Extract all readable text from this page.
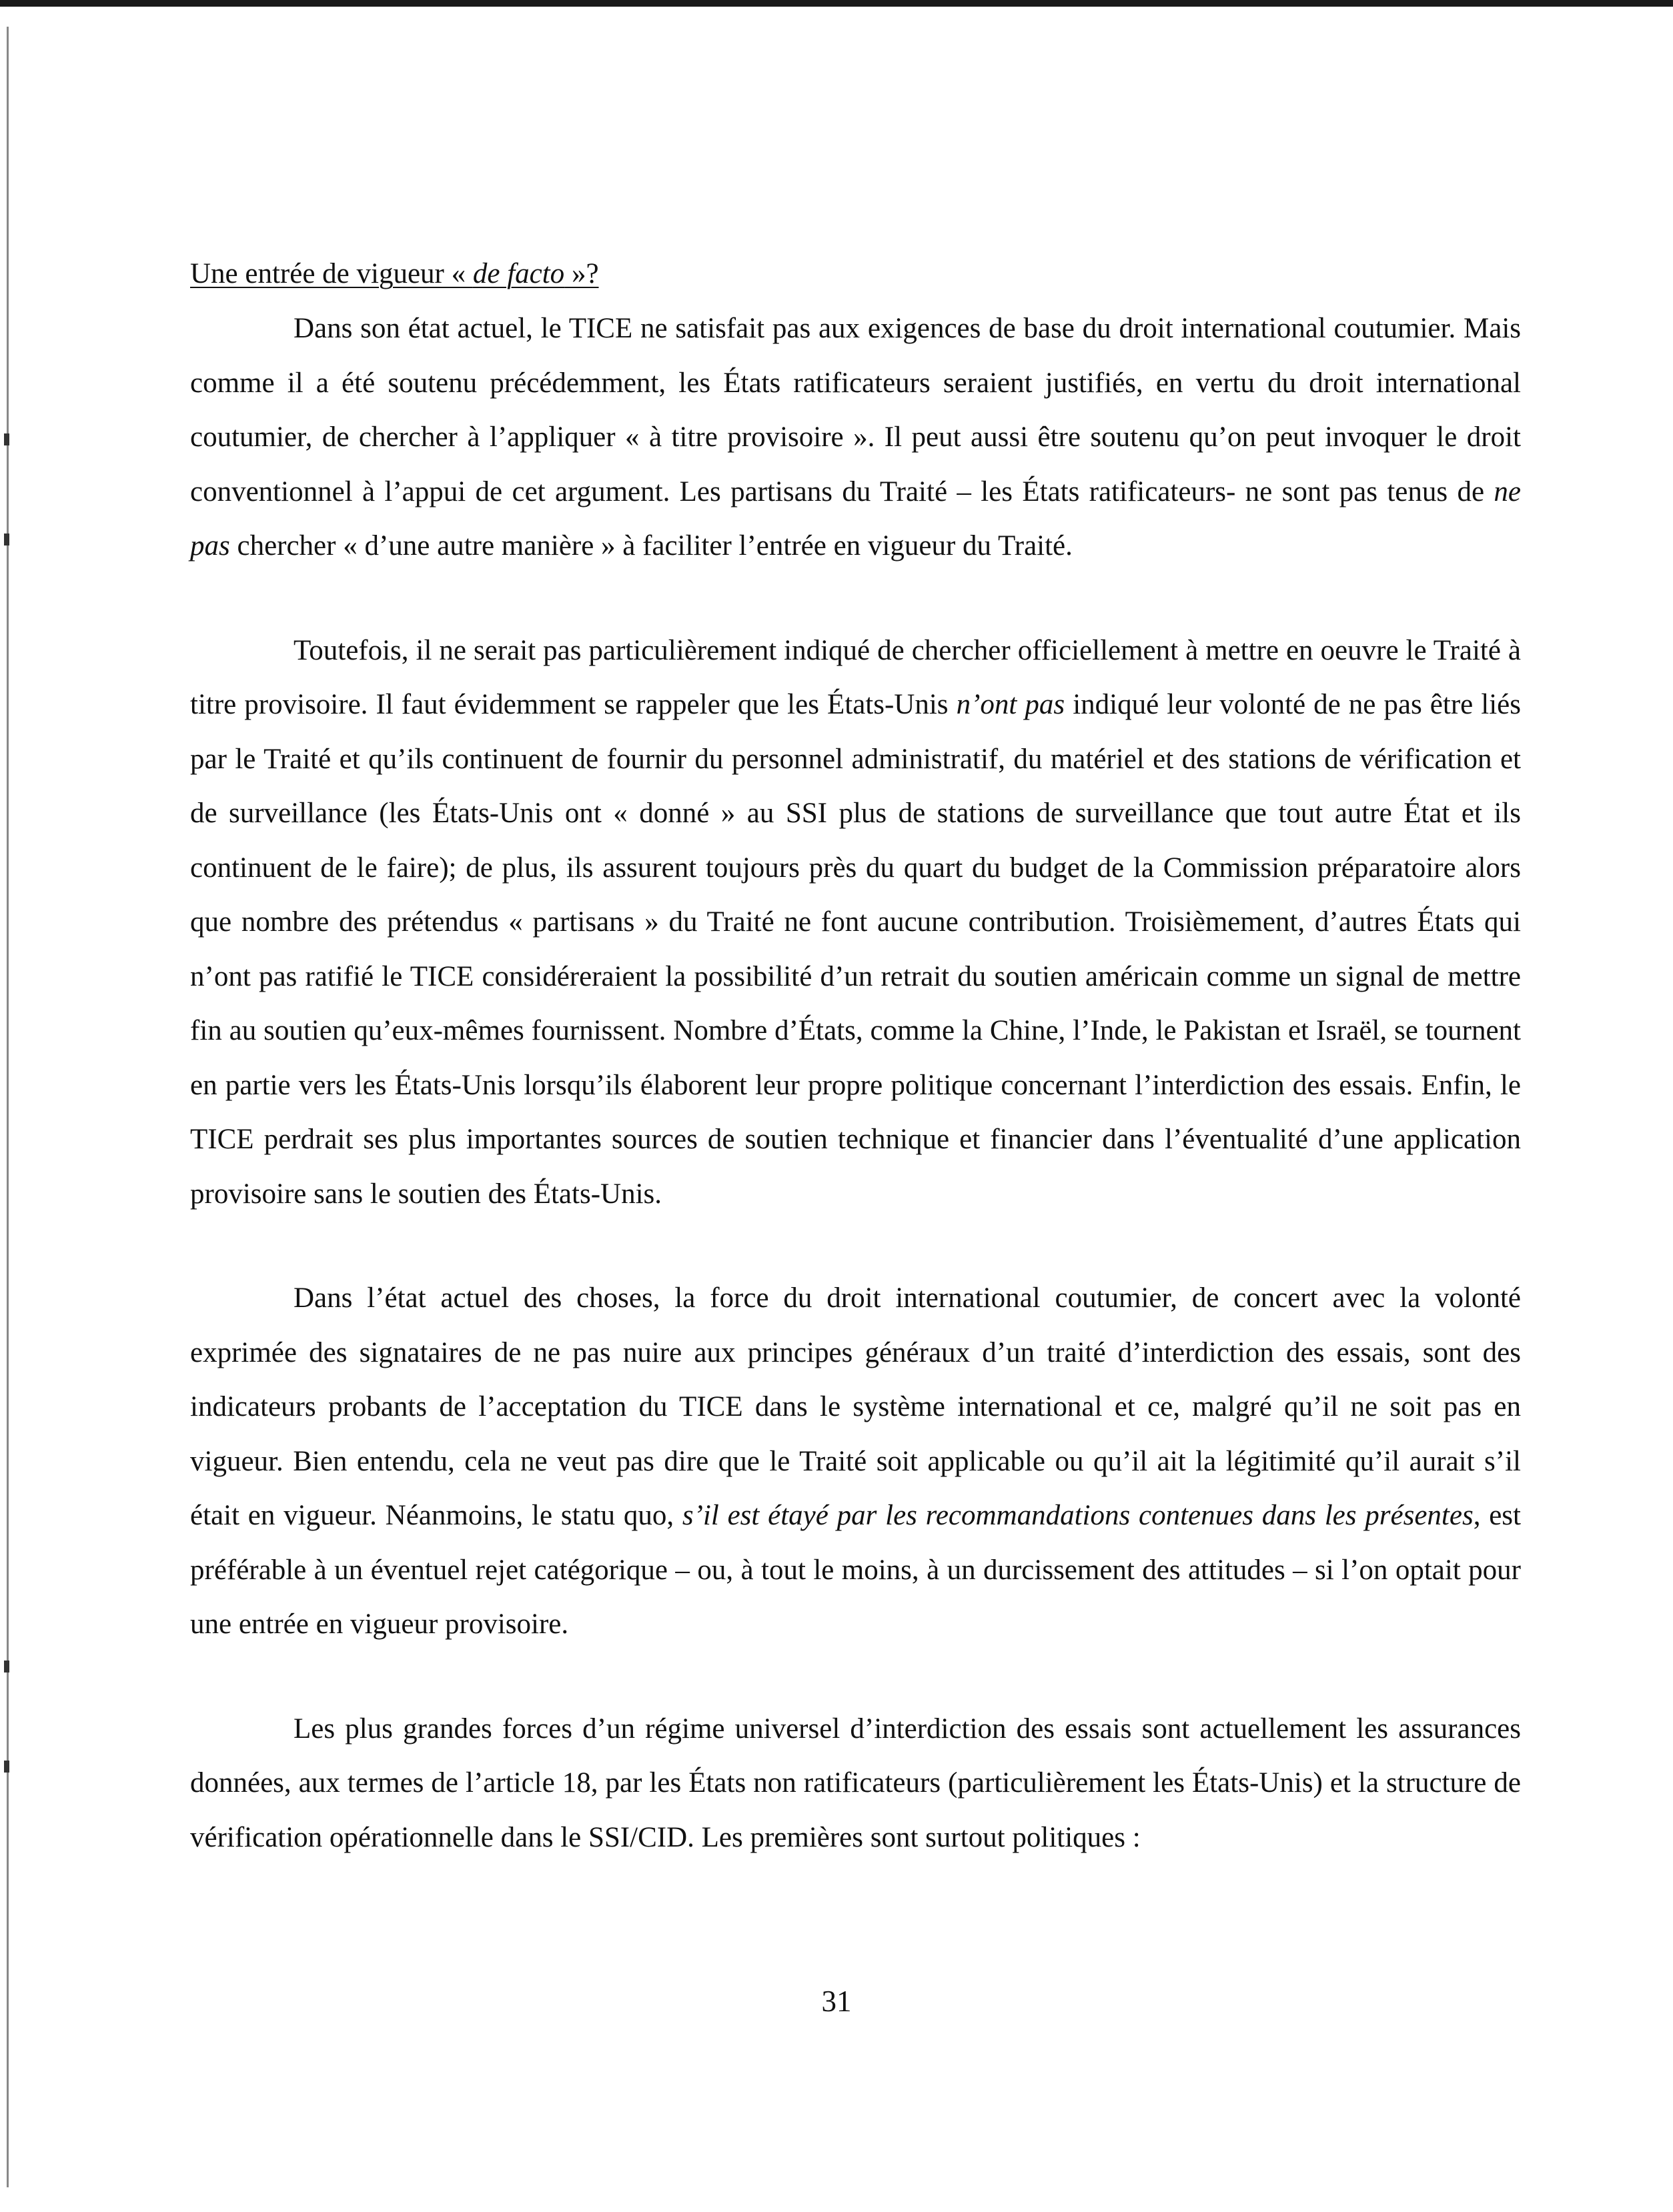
Une entrée de vigueur « de facto »?

Dans son état actuel, le TICE ne satisfait pas aux exigences de base du droit international coutumier. Mais comme il a été soutenu précédemment, les États ratificateurs seraient justifiés, en vertu du droit international coutumier, de chercher à l’appliquer « à titre provisoire ». Il peut aussi être soutenu qu’on peut invoquer le droit conventionnel à l’appui de cet argument. Les partisans du Traité – les États ratificateurs- ne sont pas tenus de ne pas chercher « d’une autre manière » à faciliter l’entrée en vigueur du Traité.

Toutefois, il ne serait pas particulièrement indiqué de chercher officiellement à mettre en oeuvre le Traité à titre provisoire. Il faut évidemment se rappeler que les États-Unis n’ont pas indiqué leur volonté de ne pas être liés par le Traité et qu’ils continuent de fournir du personnel administratif, du matériel et des stations de vérification et de surveillance (les États-Unis ont « donné » au SSI plus de stations de surveillance que tout autre État et ils continuent de le faire); de plus, ils assurent toujours près du quart du budget de la Commission préparatoire alors que nombre des prétendus « partisans » du Traité ne font aucune contribution. Troisièmement, d’autres États qui n’ont pas ratifié le TICE considéreraient la possibilité d’un retrait du soutien américain comme un signal de mettre fin au soutien qu’eux-mêmes fournissent. Nombre d’États, comme la Chine, l’Inde, le Pakistan et Israël, se tournent en partie vers les États-Unis lorsqu’ils élaborent leur propre politique concernant l’interdiction des essais. Enfin, le TICE perdrait ses plus importantes sources de soutien technique et financier dans l’éventualité d’une application provisoire sans le soutien des États-Unis.

Dans l’état actuel des choses, la force du droit international coutumier, de concert avec la volonté exprimée des signataires de ne pas nuire aux principes généraux d’un traité d’interdiction des essais, sont des indicateurs probants de l’acceptation du TICE dans le système international et ce, malgré qu’il ne soit pas en vigueur. Bien entendu, cela ne veut pas dire que le Traité soit applicable ou qu’il ait la légitimité qu’il aurait s’il était en vigueur. Néanmoins, le statu quo, s’il est étayé par les recommandations contenues dans les présentes, est préférable à un éventuel rejet catégorique – ou, à tout le moins, à un durcissement des attitudes – si l’on optait pour une entrée en vigueur provisoire.

Les plus grandes forces d’un régime universel d’interdiction des essais sont actuellement les assurances données, aux termes de l’article 18, par les États non ratificateurs (particulièrement les États-Unis) et la structure de vérification opérationnelle dans le SSI/CID. Les premières sont surtout politiques :

31
